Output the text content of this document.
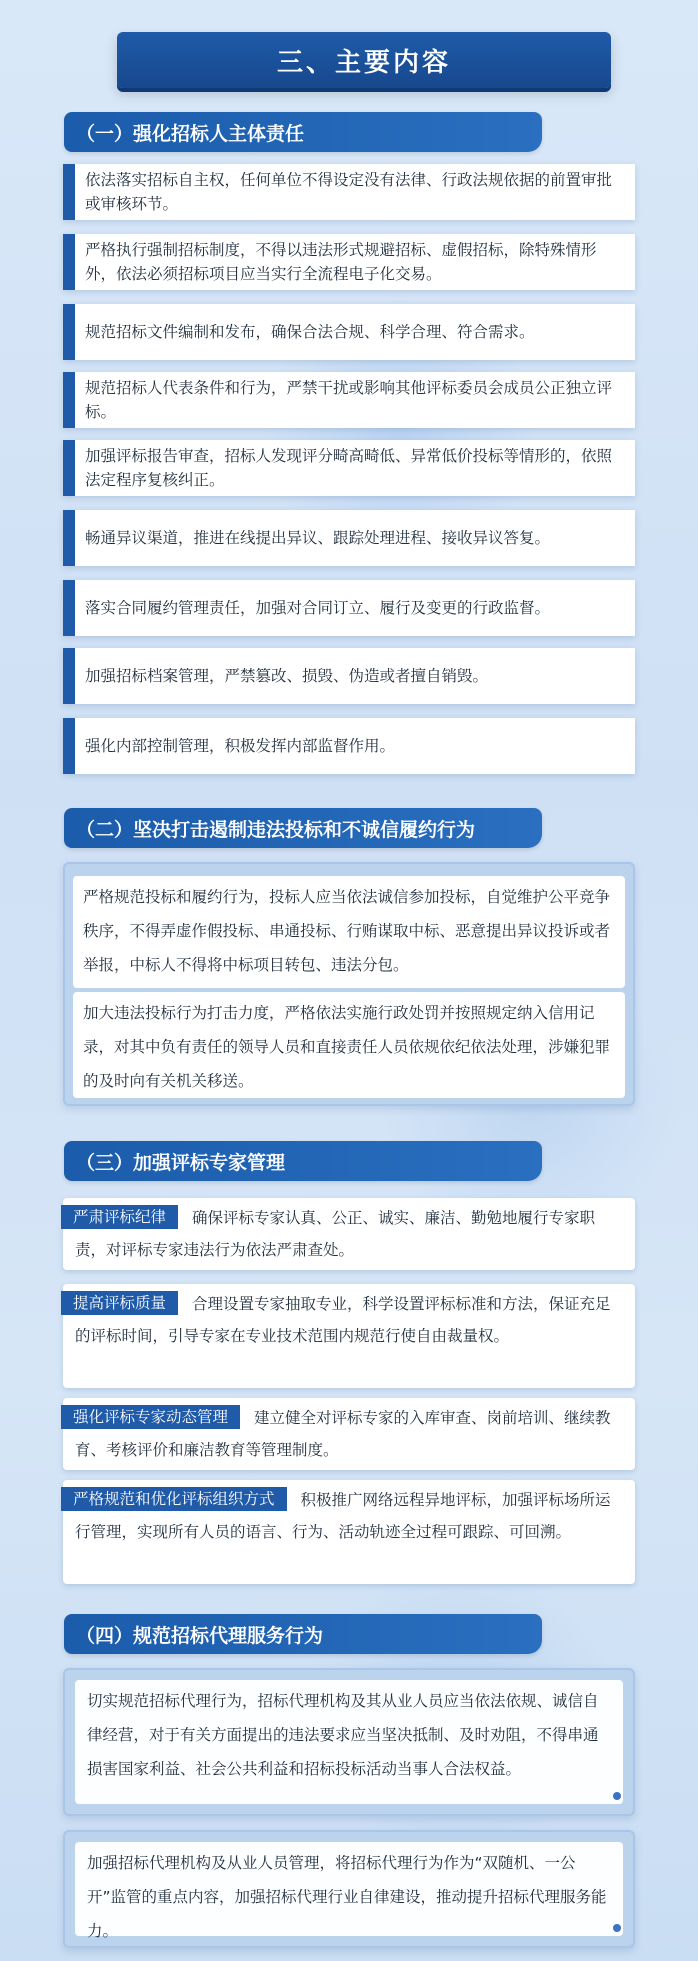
三、主要内容
（一）强化招标人主体责任
依法落实招标自主权，任何单位不得设定没有法律、行政法规依据的前置审批或审核环节。
严格执行强制招标制度，不得以违法形式规避招标、虚假招标，除特殊情形外，依法必须招标项目应当实行全流程电子化交易。
规范招标文件编制和发布，确保合法合规、科学合理、符合需求。
规范招标人代表条件和行为，严禁干扰或影响其他评标委员会成员公正独立评标。
加强评标报告审查，招标人发现评分畸高畸低、异常低价投标等情形的，依照法定程序复核纠正。
畅通异议渠道，推进在线提出异议、跟踪处理进程、接收异议答复。
落实合同履约管理责任，加强对合同订立、履行及变更的行政监督。
加强招标档案管理，严禁篡改、损毁、伪造或者擅自销毁。
强化内部控制管理，积极发挥内部监督作用。
（二）坚决打击遏制违法投标和不诚信履约行为
严格规范投标和履约行为，投标人应当依法诚信参加投标，自觉维护公平竞争秩序，不得弄虚作假投标、串通投标、行贿谋取中标、恶意提出异议投诉或者举报，中标人不得将中标项目转包、违法分包。
加大违法投标行为打击力度，严格依法实施行政处罚并按照规定纳入信用记录，对其中负有责任的领导人员和直接责任人员依规依纪依法处理，涉嫌犯罪的及时向有关机关移送。
（三）加强评标专家管理
严肃评标纪律 确保评标专家认真、公正、诚实、廉洁、勤勉地履行专家职责，对评标专家违法行为依法严肃查处。
提高评标质量 合理设置专家抽取专业，科学设置评标标准和方法，保证充足的评标时间，引导专家在专业技术范围内规范行使自由裁量权。
强化评标专家动态管理 建立健全对评标专家的入库审查、岗前培训、继续教育、考核评价和廉洁教育等管理制度。
严格规范和优化评标组织方式 积极推广网络远程异地评标，加强评标场所运行管理，实现所有人员的语言、行为、活动轨迹全过程可跟踪、可回溯。
（四）规范招标代理服务行为
切实规范招标代理行为，招标代理机构及其从业人员应当依法依规、诚信自律经营，对于有关方面提出的违法要求应当坚决抵制、及时劝阻，不得串通损害国家利益、社会公共利益和招标投标活动当事人合法权益。
加强招标代理机构及从业人员管理，将招标代理行为作为“双随机、一公开”监管的重点内容，加强招标代理行业自律建设，推动提升招标代理服务能力。
